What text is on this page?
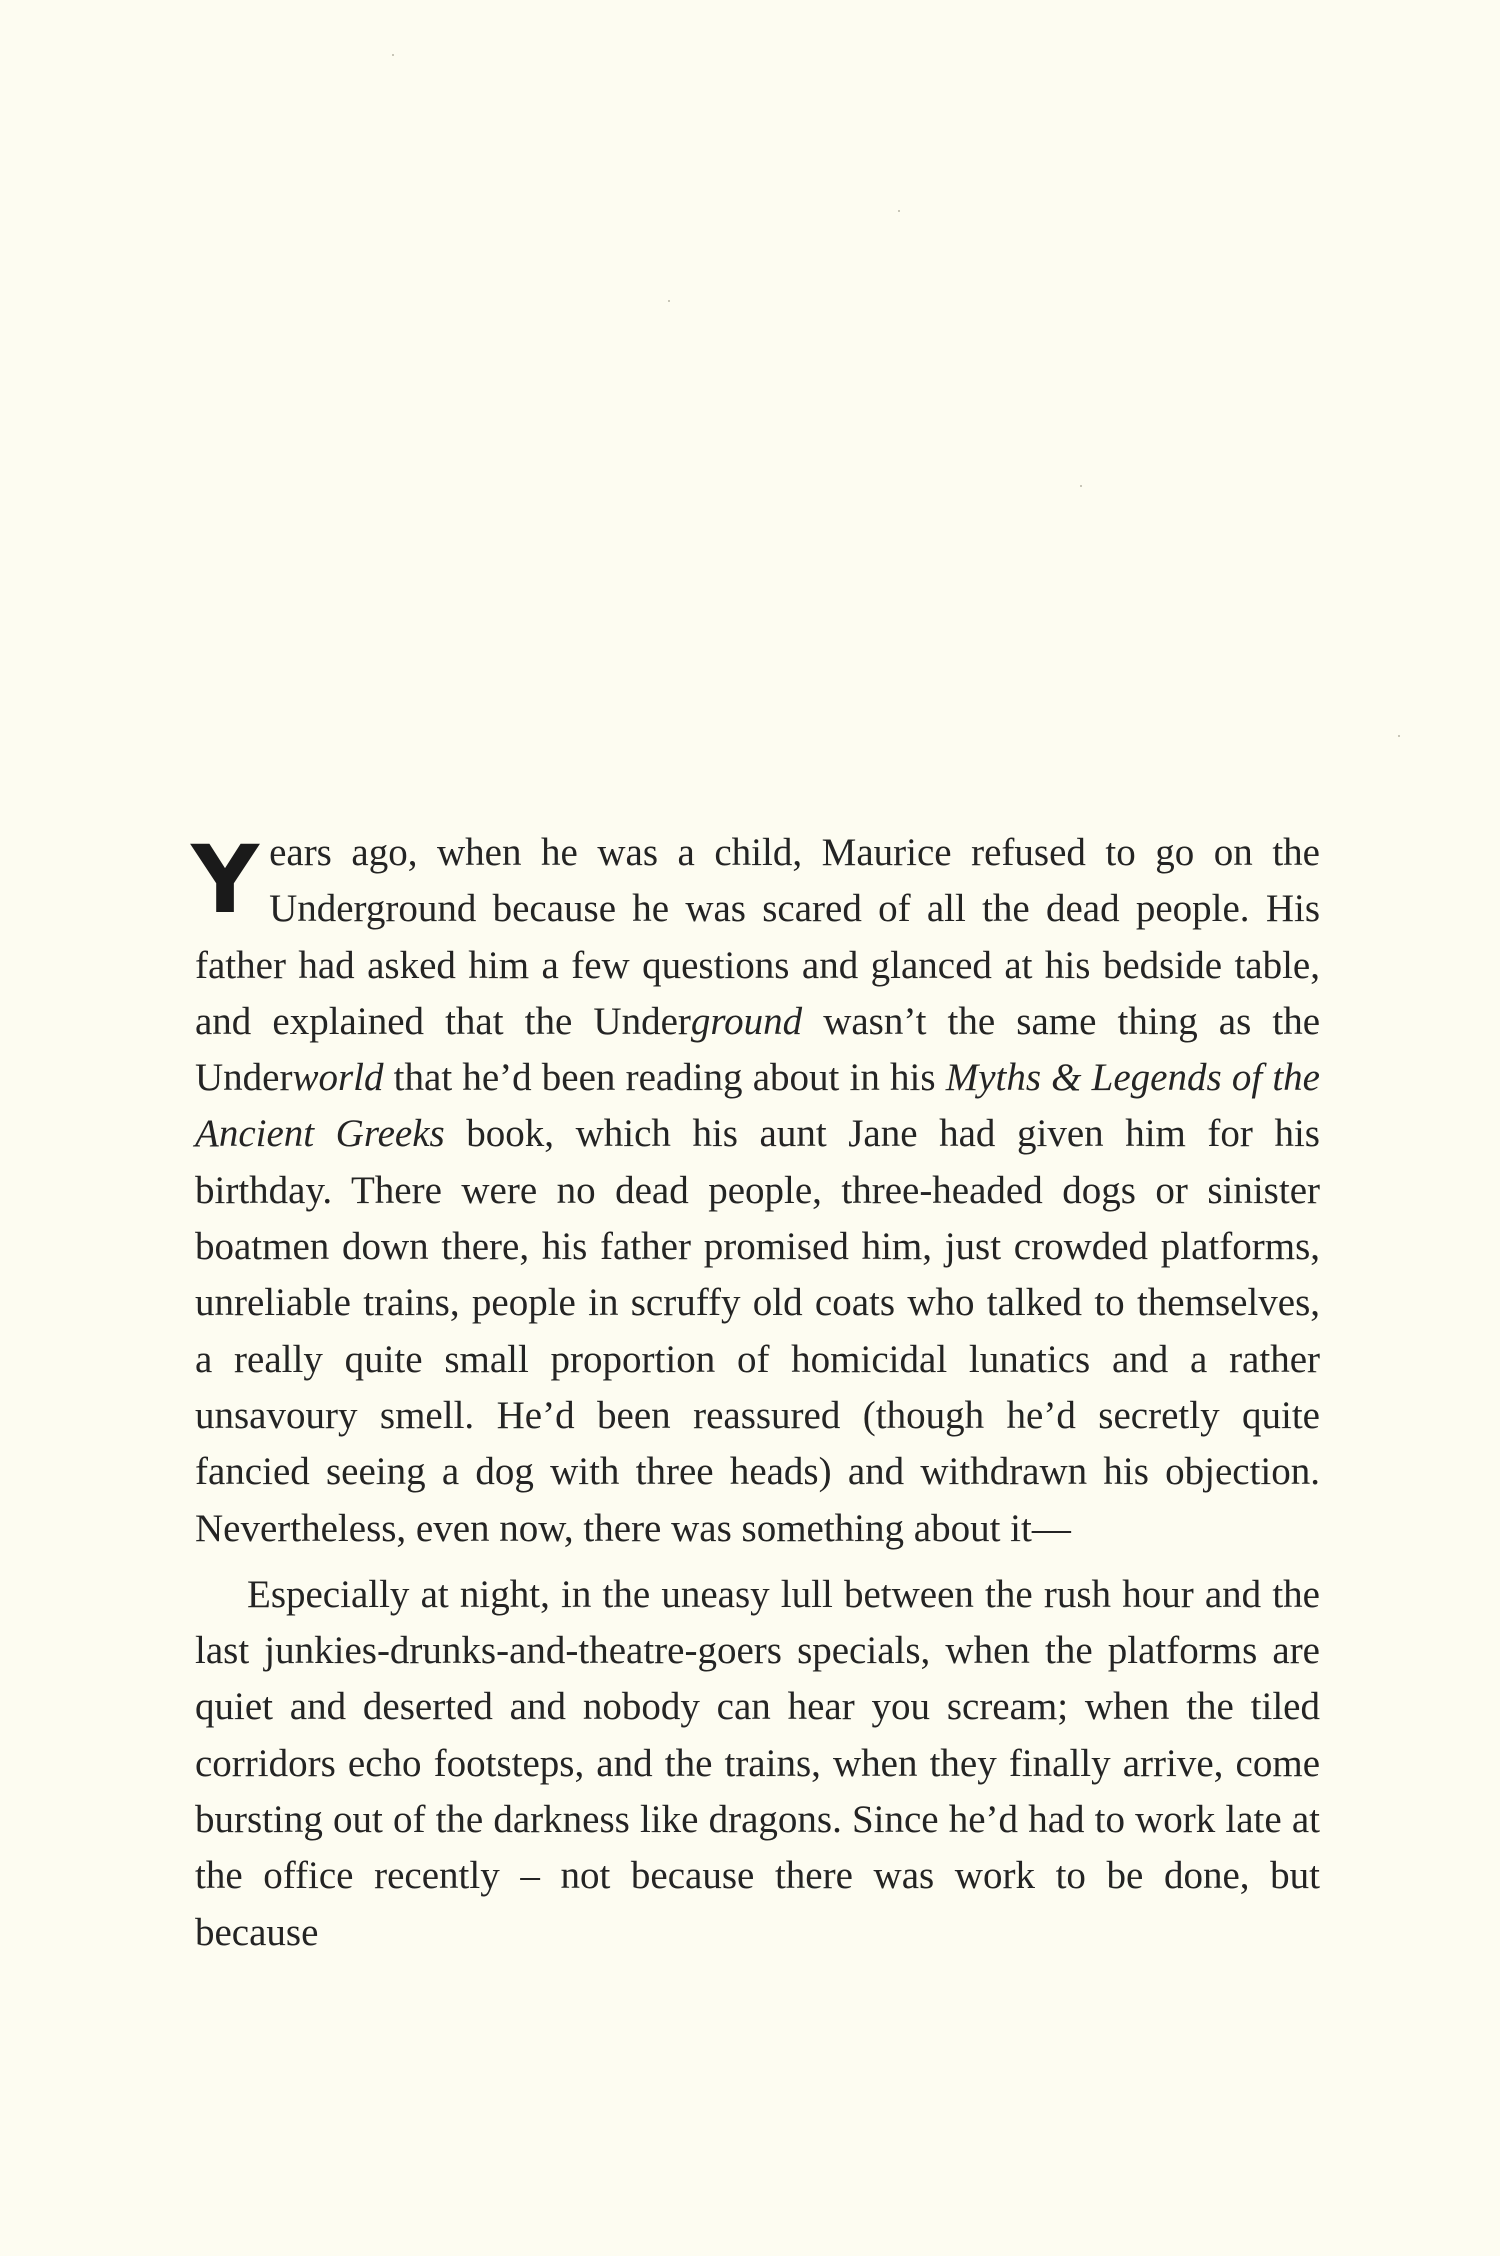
Years ago, when he was a child, Maurice refused to go on the Underground because he was scared of all the dead people. His father had asked him a few questions and glanced at his bedside table, and explained that the Underground wasn’t the same thing as the Underworld that he’d been reading about in his Myths & Legends of the Ancient Greeks book, which his aunt Jane had given him for his birthday. There were no dead people, three-headed dogs or sinister boatmen down there, his father promised him, just crowded platforms, unreliable trains, people in scruffy old coats who talked to themselves, a really quite small proportion of homicidal lunatics and a rather unsavoury smell. He’d been reassured (though he’d secretly quite fancied seeing a dog with three heads) and withdrawn his objection. Nevertheless, even now, there was something about it—

Especially at night, in the uneasy lull between the rush hour and the last junkies-drunks-and-theatre-goers specials, when the platforms are quiet and deserted and nobody can hear you scream; when the tiled corridors echo footsteps, and the trains, when they finally arrive, come bursting out of the darkness like dragons. Since he’d had to work late at the office recently – not because there was work to be done, but because
